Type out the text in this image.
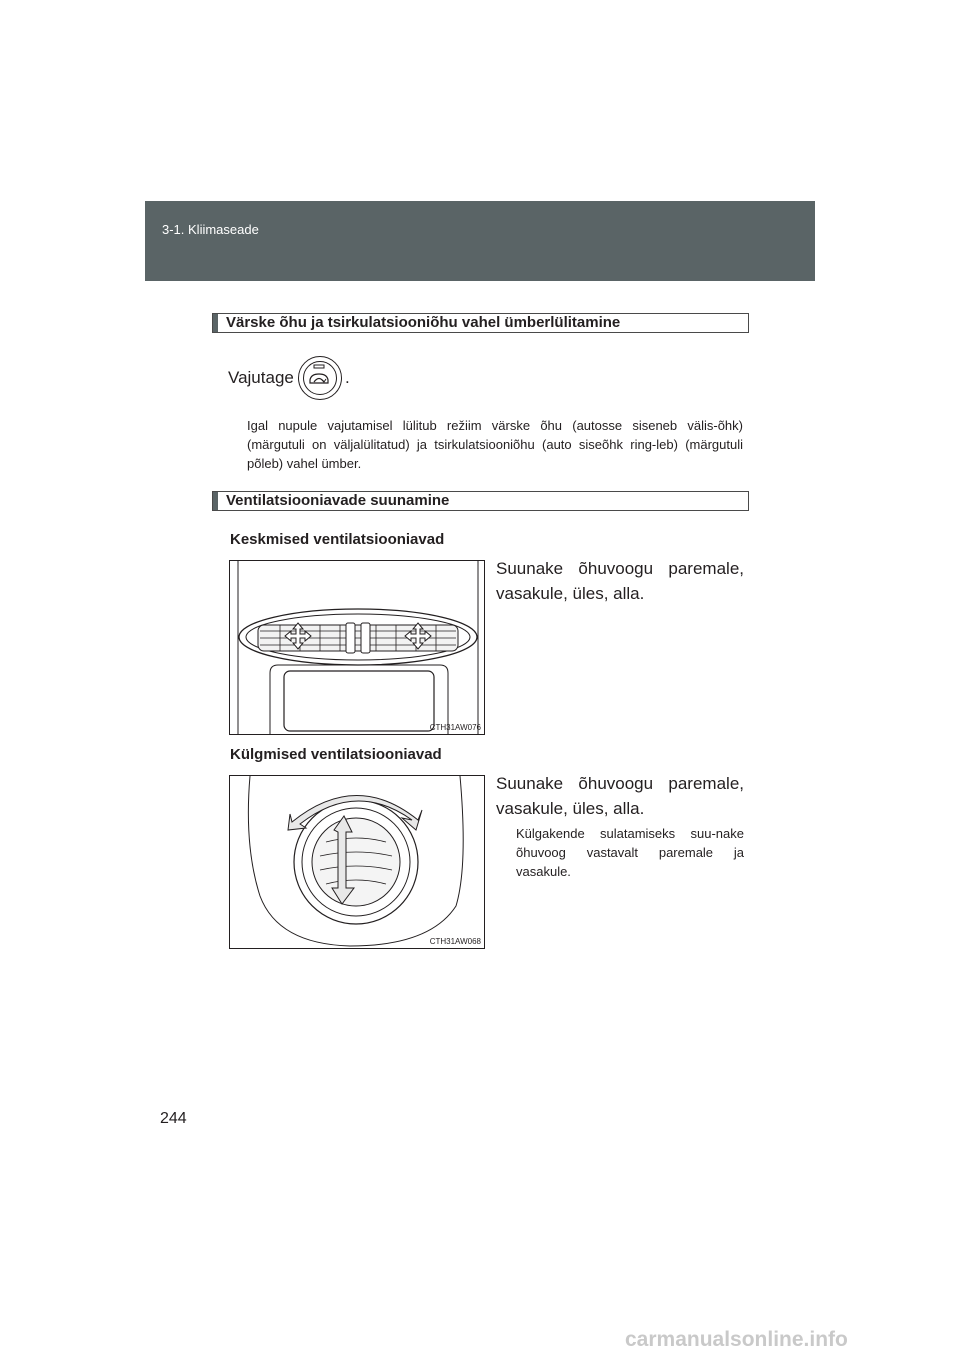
3-1. Kliimaseade
Värske õhu ja tsirkulatsiooniõhu vahel ümberlülitamine
Vajutage	.
Igal nupule vajutamisel lülitub režiim värske õhu (autosse siseneb välis-õhk) (märgutuli on väljalülitatud) ja tsirkulatsiooniõhu (auto siseõhk ring-leb) (märgutuli põleb) vahel ümber.
Ventilatsiooniavade suunamine
Keskmised ventilatsiooniavad
Suunake õhuvoogu paremale, vasakule, üles, alla.
CTH31AW076
Külgmised ventilatsiooniavad
Suunake õhuvoogu paremale, vasakule, üles, alla.
Külgakende sulatamiseks suu-nake õhuvoog vastavalt paremale ja vasakule.
CTH31AW068
244
carmanualsonline.info
